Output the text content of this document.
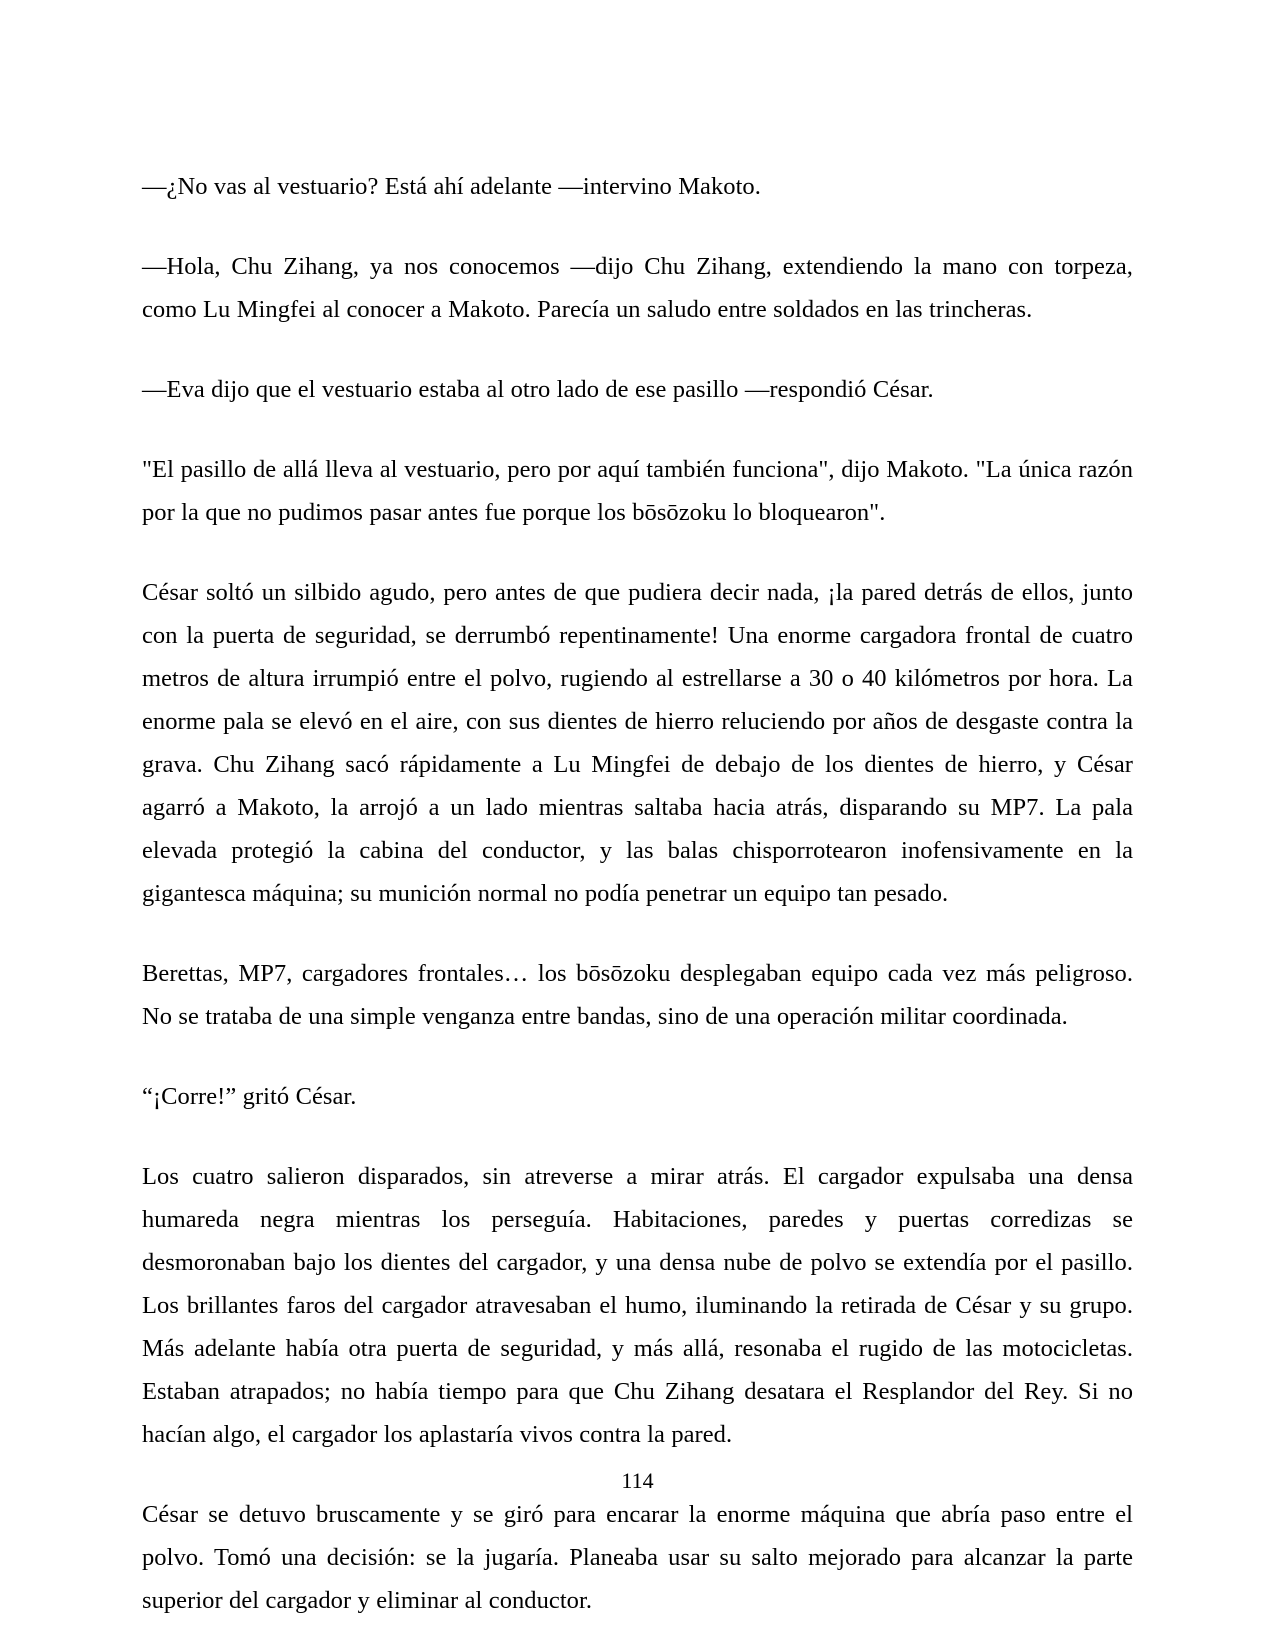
—¿No vas al vestuario? Está ahí adelante —intervino Makoto.

—Hola, Chu Zihang, ya nos conocemos —dijo Chu Zihang, extendiendo la mano con torpeza, como Lu Mingfei al conocer a Makoto. Parecía un saludo entre soldados en las trincheras.

—Eva dijo que el vestuario estaba al otro lado de ese pasillo —respondió César.

"El pasillo de allá lleva al vestuario, pero por aquí también funciona", dijo Makoto. "La única razón por la que no pudimos pasar antes fue porque los bōsōzoku lo bloquearon".

César soltó un silbido agudo, pero antes de que pudiera decir nada, ¡la pared detrás de ellos, junto con la puerta de seguridad, se derrumbó repentinamente! Una enorme cargadora frontal de cuatro metros de altura irrumpió entre el polvo, rugiendo al estrellarse a 30 o 40 kilómetros por hora. La enorme pala se elevó en el aire, con sus dientes de hierro reluciendo por años de desgaste contra la grava. Chu Zihang sacó rápidamente a Lu Mingfei de debajo de los dientes de hierro, y César agarró a Makoto, la arrojó a un lado mientras saltaba hacia atrás, disparando su MP7. La pala elevada protegió la cabina del conductor, y las balas chisporrotearon inofensivamente en la gigantesca máquina; su munición normal no podía penetrar un equipo tan pesado.

Berettas, MP7, cargadores frontales… los bōsōzoku desplegaban equipo cada vez más peligroso. No se trataba de una simple venganza entre bandas, sino de una operación militar coordinada.

“¡Corre!” gritó César.

Los cuatro salieron disparados, sin atreverse a mirar atrás. El cargador expulsaba una densa humareda negra mientras los perseguía. Habitaciones, paredes y puertas corredizas se desmoronaban bajo los dientes del cargador, y una densa nube de polvo se extendía por el pasillo. Los brillantes faros del cargador atravesaban el humo, iluminando la retirada de César y su grupo. Más adelante había otra puerta de seguridad, y más allá, resonaba el rugido de las motocicletas. Estaban atrapados; no había tiempo para que Chu Zihang desatara el Resplandor del Rey. Si no hacían algo, el cargador los aplastaría vivos contra la pared.

César se detuvo bruscamente y se giró para encarar la enorme máquina que abría paso entre el polvo. Tomó una decisión: se la jugaría. Planeaba usar su salto mejorado para alcanzar la parte superior del cargador y eliminar al conductor.

114
